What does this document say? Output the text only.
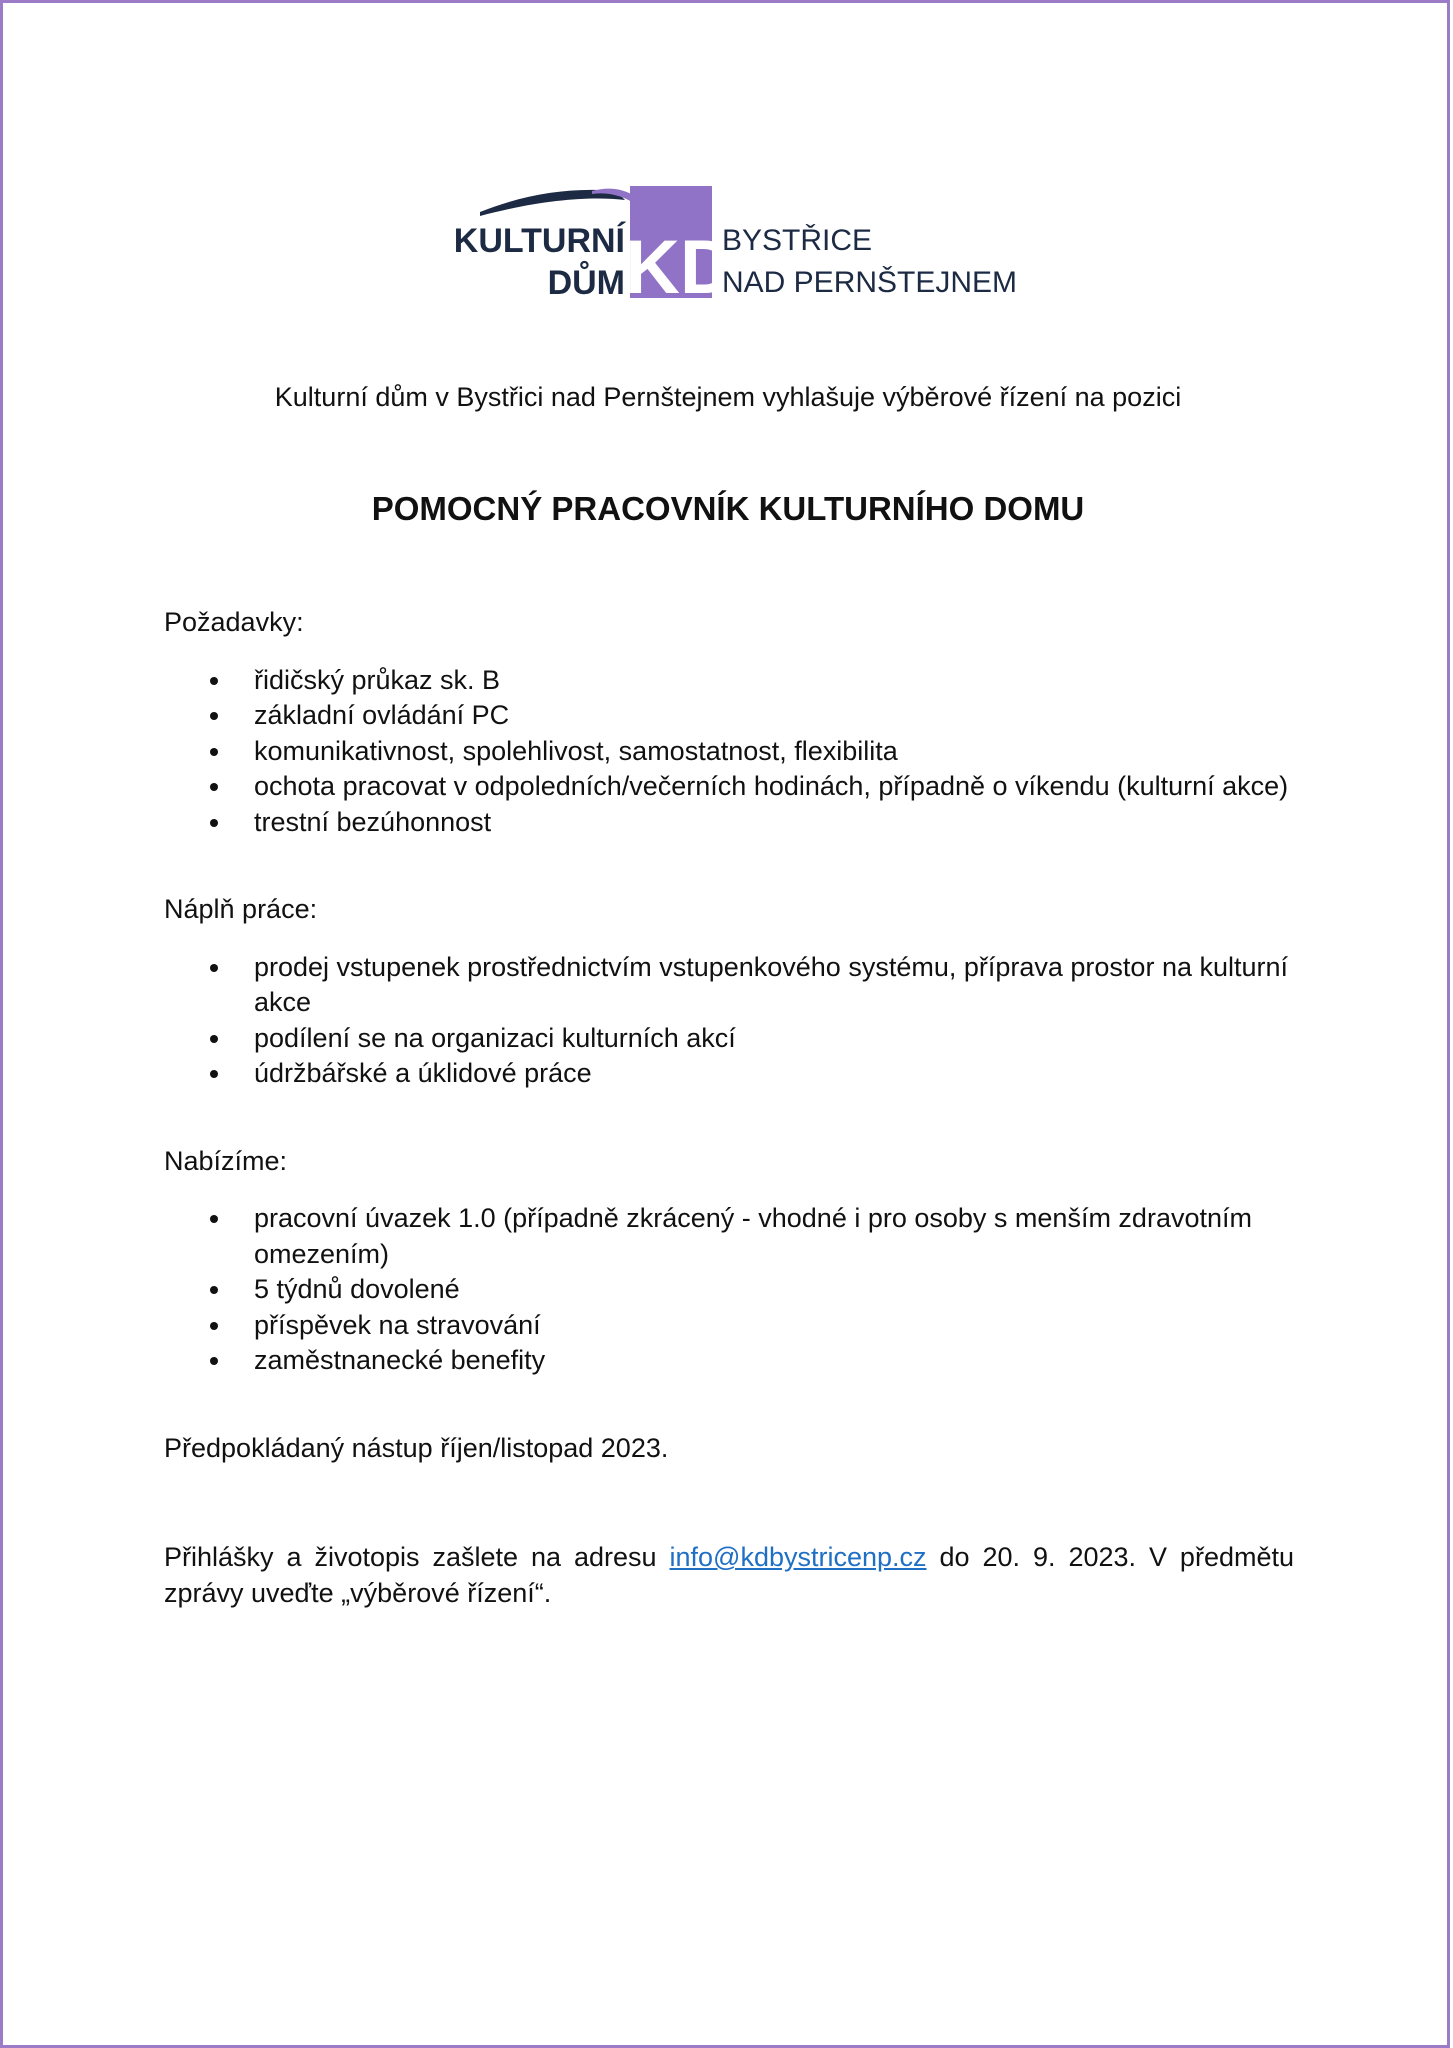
KD
KULTURNÍ
DŮM
BYSTŘICE
NAD PERNŠTEJNEM
Kulturní dům v Bystřici nad Pernštejnem vyhlašuje výběrové řízení na pozici
POMOCNÝ PRACOVNÍK KULTURNÍHO DOMU

Požadavky:

řidičský průkaz sk. B
základní ovládání PC
komunikativnost, spolehlivost, samostatnost, flexibilita
ochota pracovat v odpoledních/večerních hodinách, případně o víkendu (kulturní akce)
trestní bezúhonnost

Náplň práce:

prodej vstupenek prostřednictvím vstupenkového systému, příprava prostor na kulturní akce
podílení se na organizaci kulturních akcí
údržbářské a úklidové práce

Nabízíme:

pracovní úvazek 1.0 (případně zkrácený - vhodné i pro osoby s menším zdravotním omezením)
5 týdnů dovolené
příspěvek na stravování
zaměstnanecké benefity

Předpokládaný nástup říjen/listopad 2023.

Přihlášky a životopis zašlete na adresu info@kdbystricenp.cz do 20. 9. 2023. V předmětu zprávy uveďte „výběrové řízení“.
